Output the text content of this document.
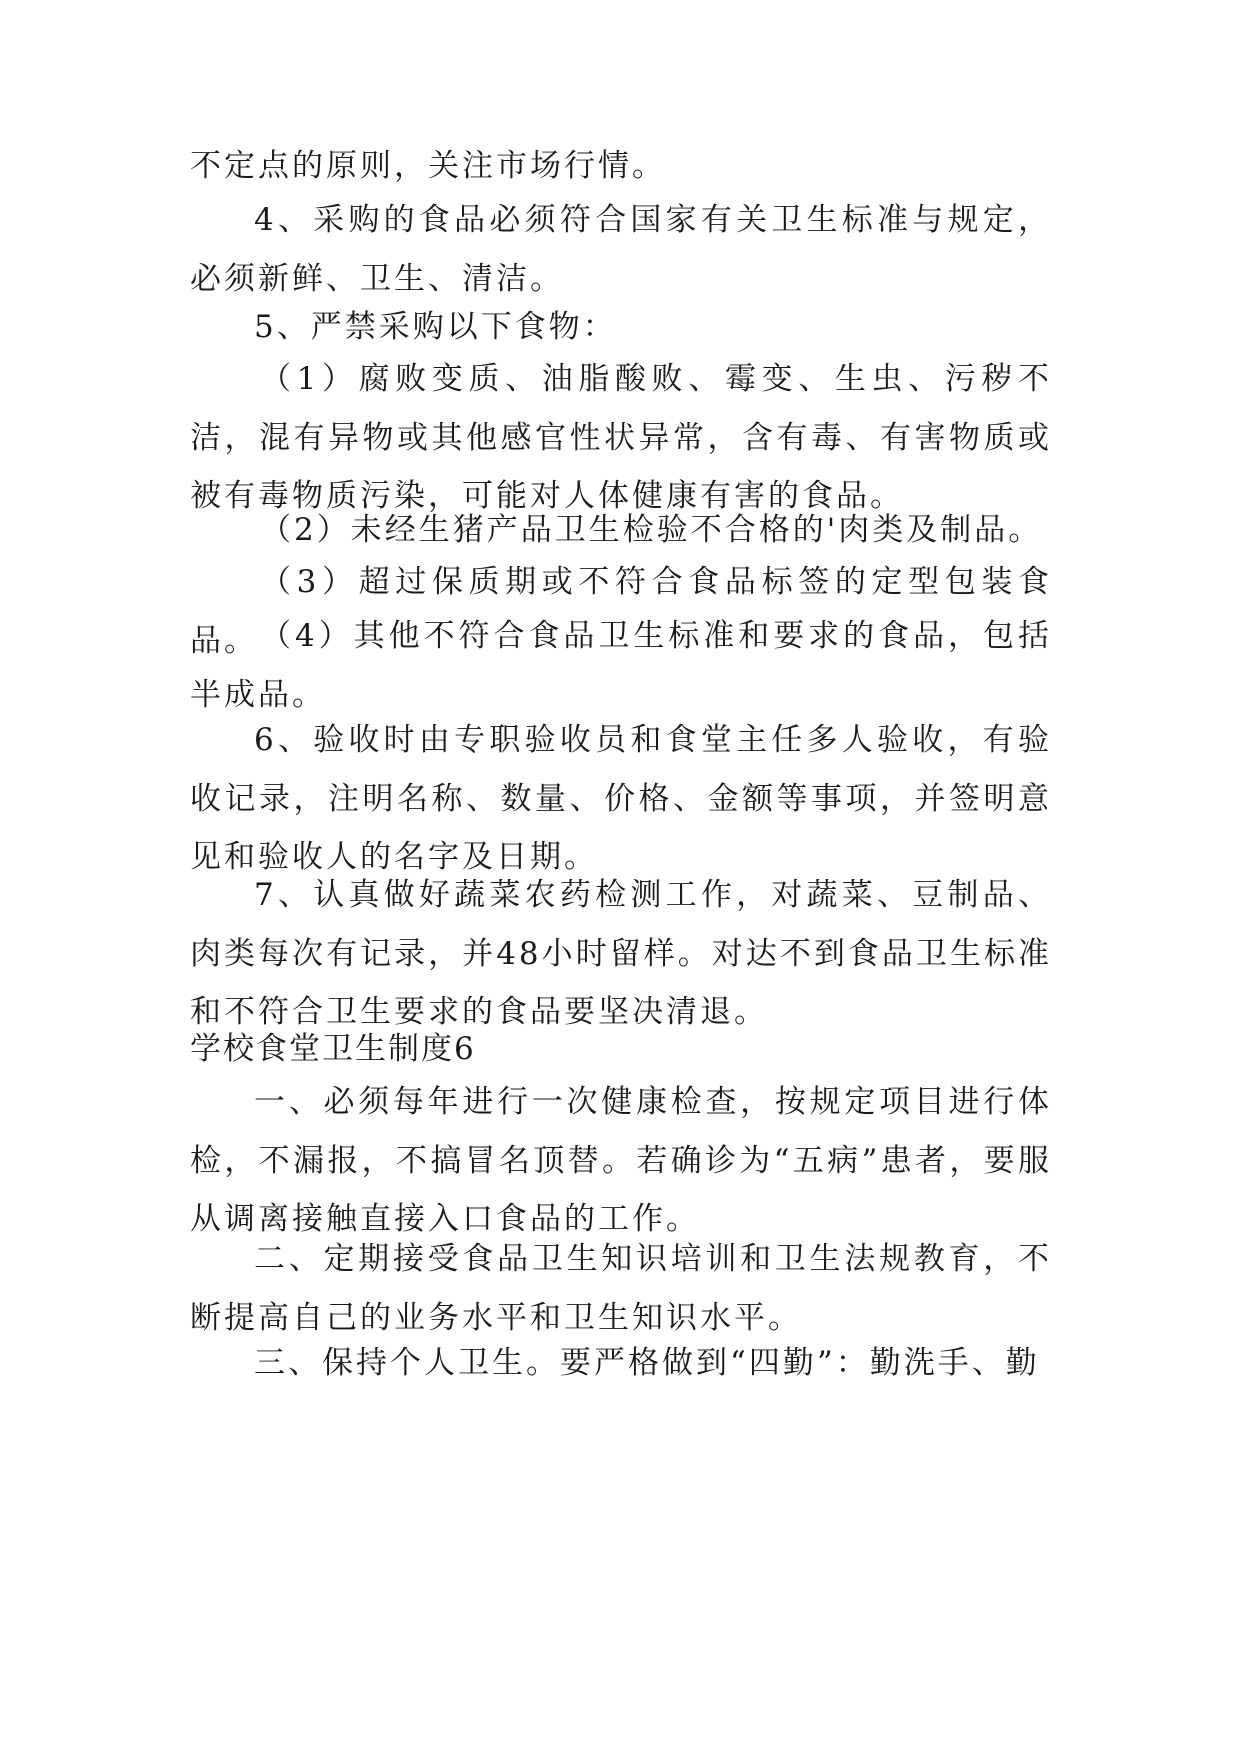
不定点的原则，关注市场行情。

4、采购的食品必须符合国家有关卫生标准与规定，必须新鲜、卫生、清洁。

5、严禁采购以下食物：

（1）腐败变质、油脂酸败、霉变、生虫、污秽不洁，混有异物或其他感官性状异常，含有毒、有害物质或被有毒物质污染，可能对人体健康有害的食品。

（2）未经生猪产品卫生检验不合格的'肉类及制品。

（3）超过保质期或不符合食品标签的定型包装食品。 （4）其他不符合食品卫生标准和要求的食品，包括半成品。

6、验收时由专职验收员和食堂主任多人验收，有验收记录，注明名称、数量、价格、金额等事项，并签明意见和验收人的名字及日期。

7、认真做好蔬菜农药检测工作，对蔬菜、豆制品、肉类每次有记录，并48小时留样。对达不到食品卫生标准和不符合卫生要求的食品要坚决清退。

学校食堂卫生制度6

一、必须每年进行一次健康检查，按规定项目进行体检，不漏报，不搞冒名顶替。若确诊为“五病”患者，要服从调离接触直接入口食品的工作。

二、定期接受食品卫生知识培训和卫生法规教育，不断提高自己的业务水平和卫生知识水平。

三、保持个人卫生。要严格做到“四勤”：勤洗手、勤
